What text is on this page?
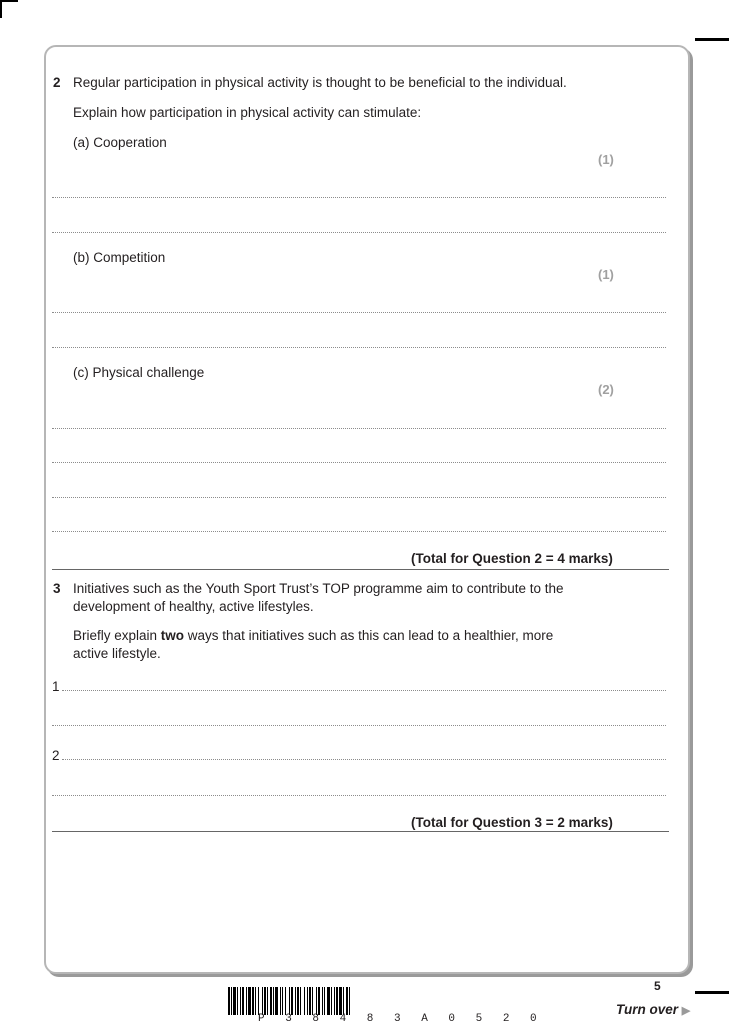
2 Regular participation in physical activity is thought to be beneficial to the individual.
Explain how participation in physical activity can stimulate:
(a) Cooperation
(1)
(b) Competition
(1)
(c) Physical challenge
(2)
(Total for Question 2 = 4 marks)
3 Initiatives such as the Youth Sport Trust’s TOP programme aim to contribute to the
development of healthy, active lifestyles.
Briefly explain two ways that initiatives such as this can lead to a healthier, more
active lifestyle.
1
2
(Total for Question 3 = 2 marks)
5
P 3 8 4 8 3 A 0 5 2 0
Turn over ▶
